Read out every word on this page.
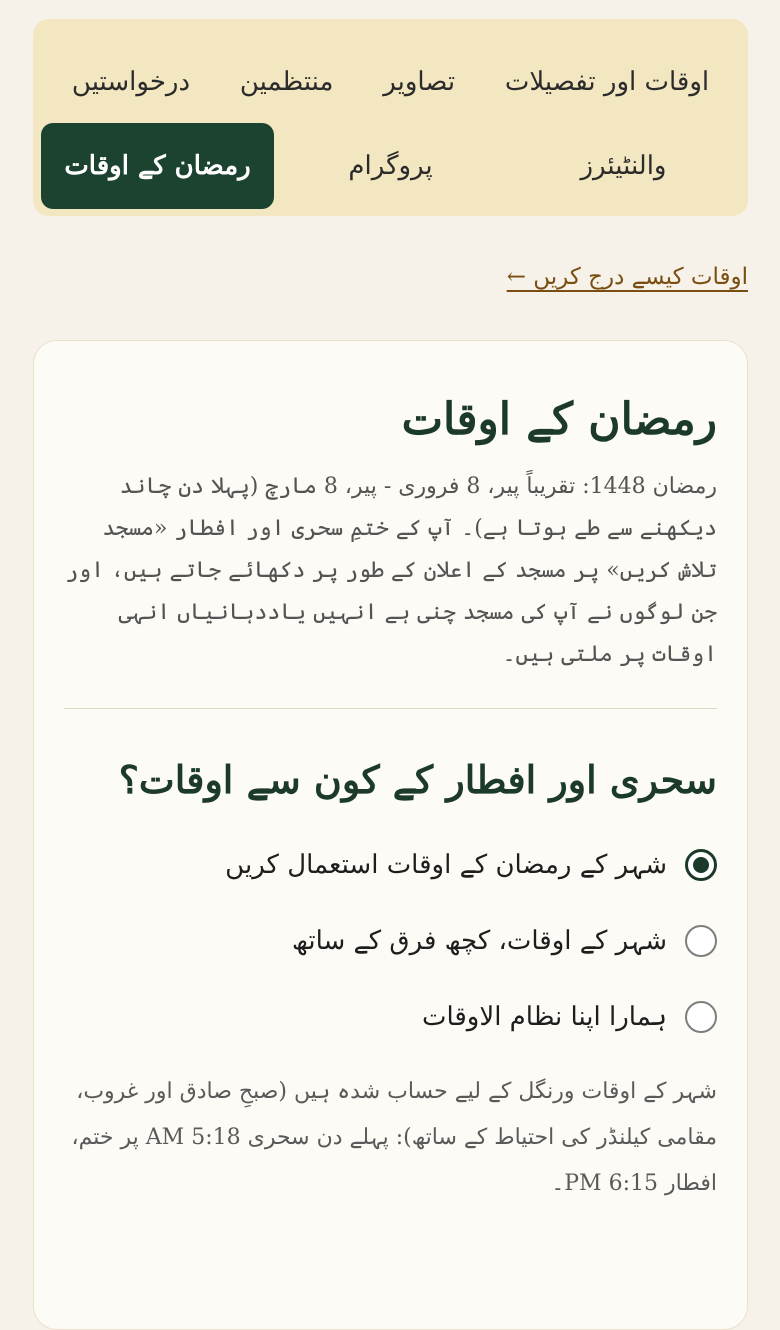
اوقات اور تفصیلات
تصاویر
منتظمین
درخواستیں
والنٹیئرز
پروگرام
رمضان کے اوقات
اوقات کیسے درج کریں ←
رمضان کے اوقات

رمضان 1448: تقریباً پیر، 8 فروری - پیر، 8 مارچ (پہلا دن چاند دیکھنے سے طے ہوتا ہے)۔ آپ کے ختمِ سحری اور افطار «مسجد تلاش کریں» پر مسجد کے اعلان کے طور پر دکھائے جاتے ہیں، اور جن لوگوں نے آپ کی مسجد چنی ہے انہیں یاددہانیاں انہی اوقات پر ملتی ہیں۔

سحری اور افطار کے کون سے اوقات؟
شہر کے رمضان کے اوقات استعمال کریں
شہر کے اوقات، کچھ فرق کے ساتھ
ہمارا اپنا نظام الاوقات

شہر کے اوقات ورنگل کے لیے حساب شدہ ہیں (صبحِ صادق اور غروب، مقامی کیلنڈر کی احتیاط کے ساتھ): پہلے دن سحری 5:18 AM پر ختم، افطار 6:15 PM۔
